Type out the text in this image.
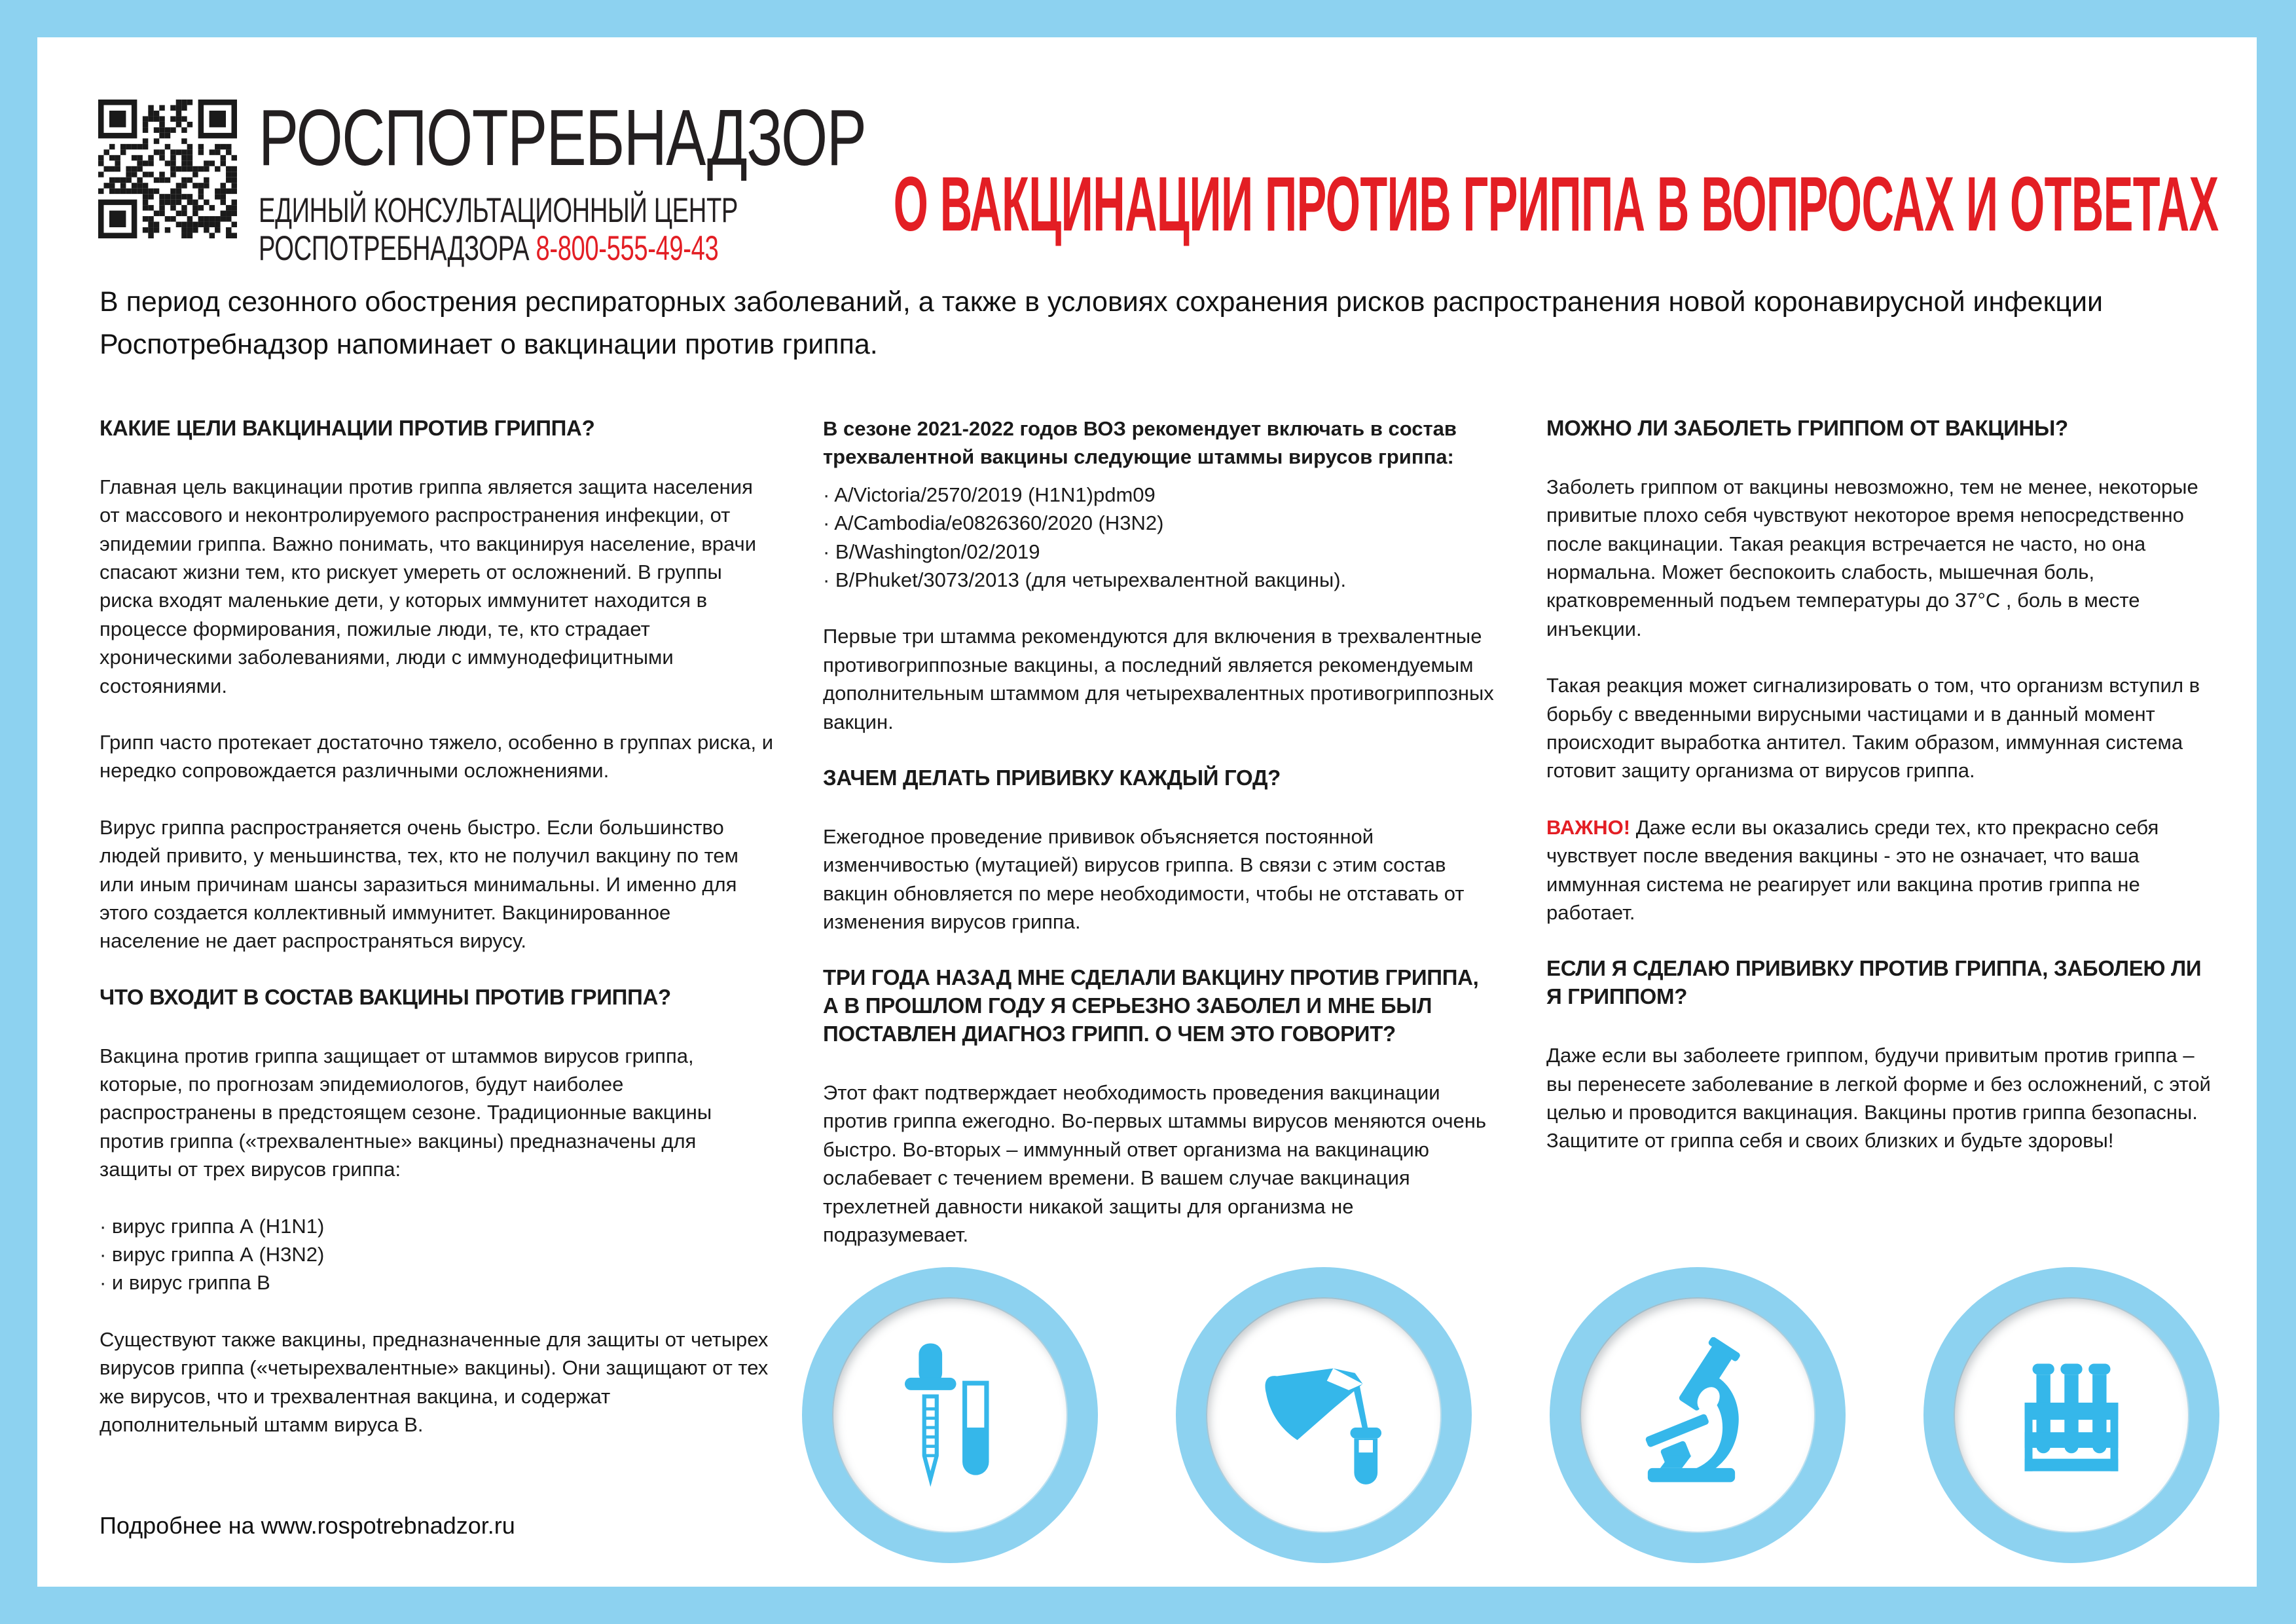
РОСПОТРЕБНАДЗОР
ЕДИНЫЙ КОНСУЛЬТАЦИОННЫЙ ЦЕНТР
РОСПОТРЕБНАДЗОРА 8-800-555-49-43
О ВАКЦИНАЦИИ ПРОТИВ ГРИППА В ВОПРОСАХ И ОТВЕТАХ
В период сезонного обострения респираторных заболеваний, а также в условиях сохранения рисков распространения новой коронавирусной инфекции Роспотребнадзор напоминает о вакцинации против гриппа.
КАКИЕ ЦЕЛИ ВАКЦИНАЦИИ ПРОТИВ ГРИППА?

Главная цель вакцинации против гриппа является защита населения от массового и неконтролируемого распространения инфекции, от эпидемии гриппа. Важно понимать, что вакцинируя население, врачи спасают жизни тем, кто рискует умереть от осложнений. В группы риска входят маленькие дети, у которых иммунитет находится в процессе формирования, пожилые люди, те, кто страдает хроническими заболеваниями, люди с иммунодефицитными состояниями.

Грипп часто протекает достаточно тяжело, особенно в группах риска, и нередко сопровождается различными осложнениями.

Вирус гриппа распространяется очень быстро. Если большинство людей привито, у меньшинства, тех, кто не получил вакцину по тем или иным причинам шансы заразиться минимальны. И именно для этого создается коллективный иммунитет. Вакцинированное население не дает распространяться вирусу.

ЧТО ВХОДИТ В СОСТАВ ВАКЦИНЫ ПРОТИВ ГРИППА?

Вакцина против гриппа защищает от штаммов вирусов гриппа, которые, по прогнозам эпидемиологов, будут наиболее распространены в предстоящем сезоне. Традиционные вакцины против гриппа («трехвалентные» вакцины) предназначены для защиты от трех вирусов гриппа:

· вирус гриппа А (H1N1)
· вирус гриппа А (H3N2)
· и вирус гриппа В

Существуют также вакцины, предназначенные для защиты от четырех вирусов гриппа («четырехвалентные» вакцины). Они защищают от тех же вирусов, что и трехвалентная вакцина, и содержат дополнительный штамм вируса В.

В сезоне 2021-2022 годов ВОЗ рекомендует включать в состав трехвалентной вакцины следующие штаммы вирусов гриппа:

· A/Victoria/2570/2019 (H1N1)pdm09
· A/Cambodia/e0826360/2020 (H3N2)
· B/Washington/02/2019
· B/Phuket/3073/2013 (для четырехвалентной вакцины).

Первые три штамма рекомендуются для включения в трехвалентные противогриппозные вакцины, а последний является рекомендуемым дополнительным штаммом для четырехвалентных противогриппозных вакцин.

ЗАЧЕМ ДЕЛАТЬ ПРИВИВКУ КАЖДЫЙ ГОД?

Ежегодное проведение прививок объясняется постоянной изменчивостью (мутацией) вирусов гриппа. В связи с этим состав вакцин обновляется по мере необходимости, чтобы не отставать от изменения вирусов гриппа.

ТРИ ГОДА НАЗАД МНЕ СДЕЛАЛИ ВАКЦИНУ ПРОТИВ ГРИППА, А В ПРОШЛОМ ГОДУ Я СЕРЬЕЗНО ЗАБОЛЕЛ И МНЕ БЫЛ ПОСТАВЛЕН ДИАГНОЗ ГРИПП. О ЧЕМ ЭТО ГОВОРИТ?

Этот факт подтверждает необходимость проведения вакцинации против гриппа ежегодно. Во-первых штаммы вирусов меняются очень быстро. Во-вторых – иммунный ответ организма на вакцинацию ослабевает с течением времени. В вашем случае вакцинация трехлетней давности никакой защиты для организма не подразумевает.

МОЖНО ЛИ ЗАБОЛЕТЬ ГРИППОМ ОТ ВАКЦИНЫ?

Заболеть гриппом от вакцины невозможно, тем не менее, некоторые привитые плохо себя чувствуют некоторое время непосредственно после вакцинации. Такая реакция встречается не часто, но она нормальна. Может беспокоить слабость, мышечная боль, кратковременный подъем температуры до 37°С , боль в месте инъекции.

Такая реакция может сигнализировать о том, что организм вступил в борьбу с введенными вирусными частицами и в данный момент происходит выработка антител. Таким образом, иммунная система готовит защиту организма от вирусов гриппа.

ВАЖНО! Даже если вы оказались среди тех, кто прекрасно себя чувствует после введения вакцины - это не означает, что ваша иммунная система не реагирует или вакцина против гриппа не работает.

ЕСЛИ Я СДЕЛАЮ ПРИВИВКУ ПРОТИВ ГРИППА, ЗАБОЛЕЮ ЛИ Я ГРИППОМ?

Даже если вы заболеете гриппом, будучи привитым против гриппа – вы перенесете заболевание в легкой форме и без осложнений, с этой целью и проводится вакцинация. Вакцины против гриппа безопасны. Защитите от гриппа себя и своих близких и будьте здоровы!

Подробнее на www.rospotrebnadzor.ru
